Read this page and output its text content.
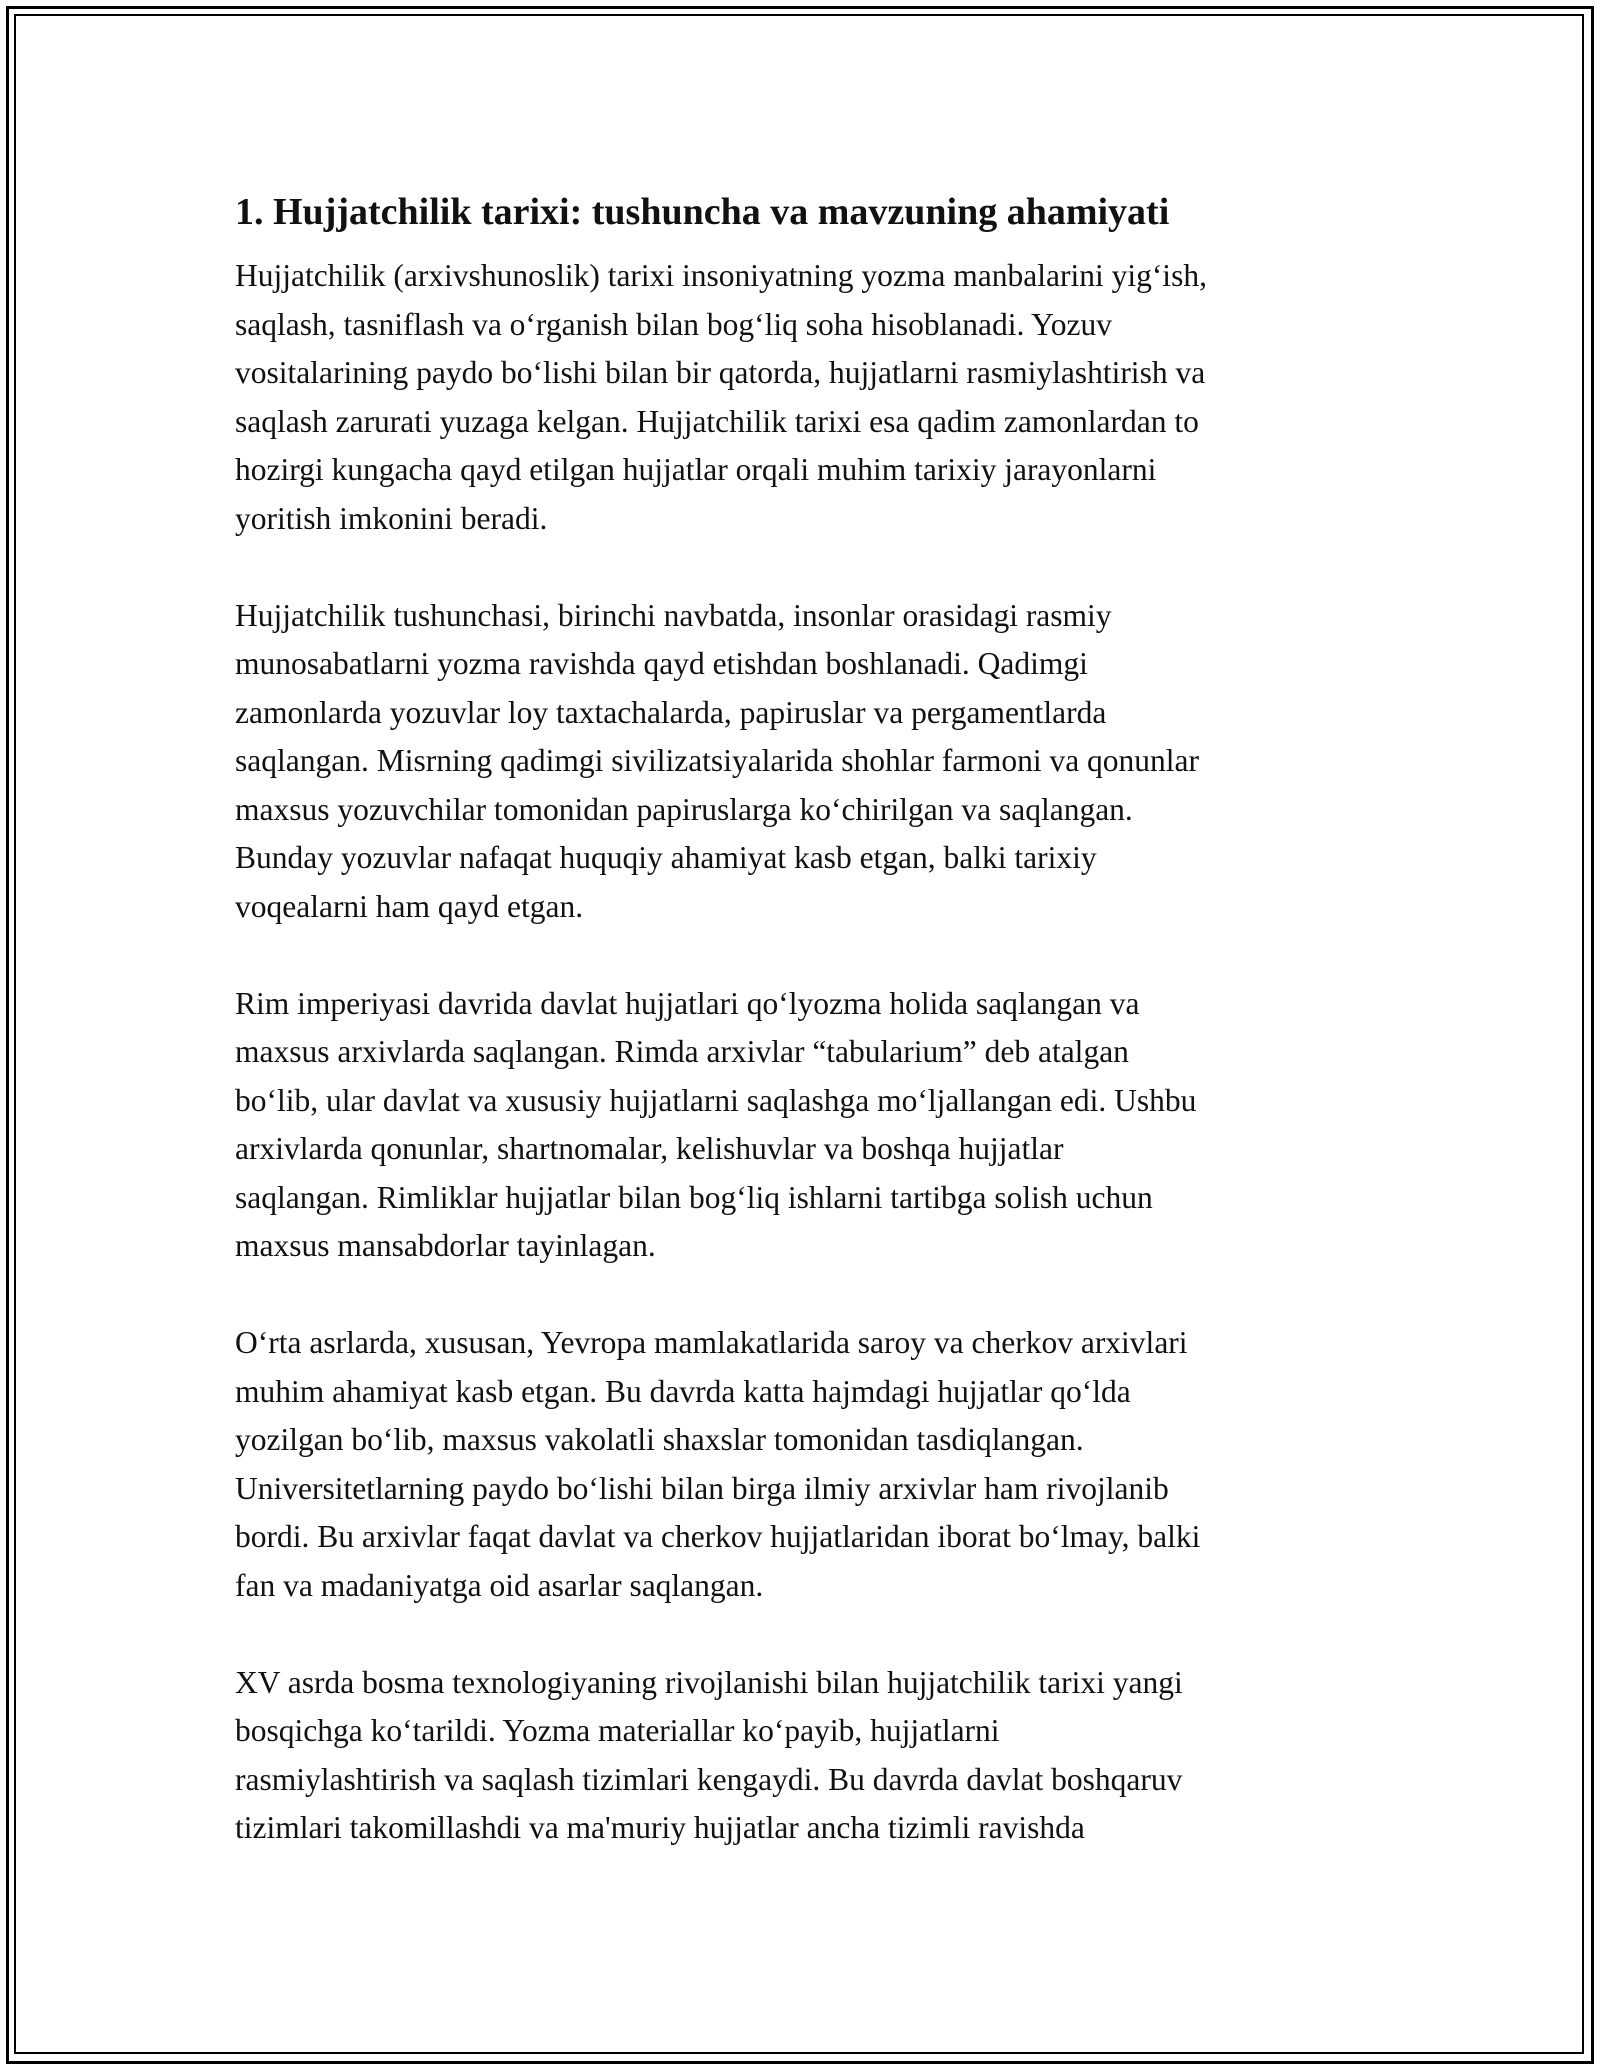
1. Hujjatchilik tarixi: tushuncha va mavzuning ahamiyati

Hujjatchilik (arxivshunoslik) tarixi insoniyatning yozma manbalarini yig‘ish,
saqlash, tasniflash va o‘rganish bilan bog‘liq soha hisoblanadi. Yozuv
vositalarining paydo bo‘lishi bilan bir qatorda, hujjatlarni rasmiylashtirish va
saqlash zarurati yuzaga kelgan. Hujjatchilik tarixi esa qadim zamonlardan to
hozirgi kungacha qayd etilgan hujjatlar orqali muhim tarixiy jarayonlarni
yoritish imkonini beradi.

Hujjatchilik tushunchasi, birinchi navbatda, insonlar orasidagi rasmiy
munosabatlarni yozma ravishda qayd etishdan boshlanadi. Qadimgi
zamonlarda yozuvlar loy taxtachalarda, papiruslar va pergamentlarda
saqlangan. Misrning qadimgi sivilizatsiyalarida shohlar farmoni va qonunlar
maxsus yozuvchilar tomonidan papiruslarga ko‘chirilgan va saqlangan.
Bunday yozuvlar nafaqat huquqiy ahamiyat kasb etgan, balki tarixiy
voqealarni ham qayd etgan.

Rim imperiyasi davrida davlat hujjatlari qo‘lyozma holida saqlangan va
maxsus arxivlarda saqlangan. Rimda arxivlar “tabularium” deb atalgan
bo‘lib, ular davlat va xususiy hujjatlarni saqlashga mo‘ljallangan edi. Ushbu
arxivlarda qonunlar, shartnomalar, kelishuvlar va boshqa hujjatlar
saqlangan. Rimliklar hujjatlar bilan bog‘liq ishlarni tartibga solish uchun
maxsus mansabdorlar tayinlagan.

O‘rta asrlarda, xususan, Yevropa mamlakatlarida saroy va cherkov arxivlari
muhim ahamiyat kasb etgan. Bu davrda katta hajmdagi hujjatlar qo‘lda
yozilgan bo‘lib, maxsus vakolatli shaxslar tomonidan tasdiqlangan.
Universitetlarning paydo bo‘lishi bilan birga ilmiy arxivlar ham rivojlanib
bordi. Bu arxivlar faqat davlat va cherkov hujjatlaridan iborat bo‘lmay, balki
fan va madaniyatga oid asarlar saqlangan.

XV asrda bosma texnologiyaning rivojlanishi bilan hujjatchilik tarixi yangi
bosqichga ko‘tarildi. Yozma materiallar ko‘payib, hujjatlarni
rasmiylashtirish va saqlash tizimlari kengaydi. Bu davrda davlat boshqaruv
tizimlari takomillashdi va ma'muriy hujjatlar ancha tizimli ravishda
